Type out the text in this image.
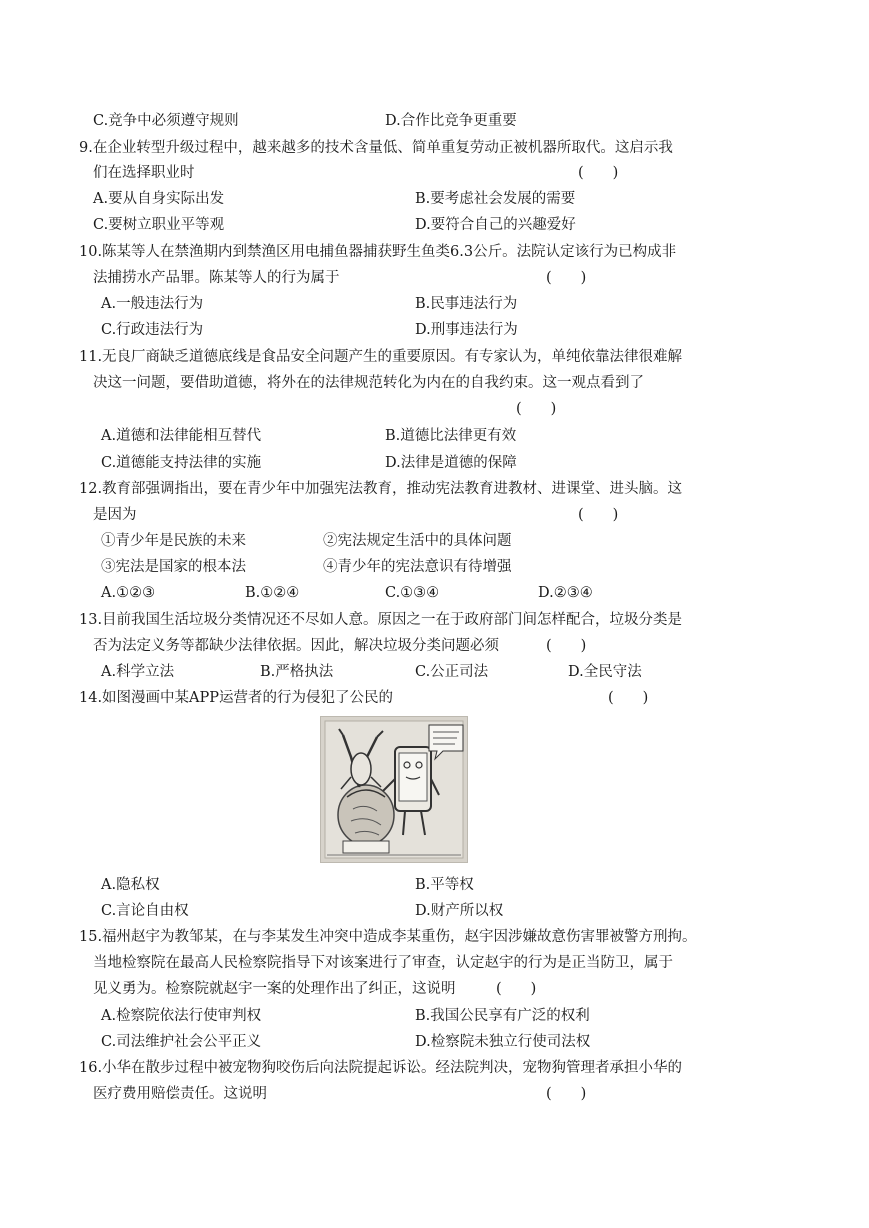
C.竞争中必须遵守规则	D.合作比竞争更重要
9.在企业转型升级过程中，越来越多的技术含量低、简单重复劳动正被机器所取代。这启示我
们在选择职业时	(　　)
A.要从自身实际出发	B.要考虑社会发展的需要
C.要树立职业平等观	D.要符合自己的兴趣爱好
10.陈某等人在禁渔期内到禁渔区用电捕鱼器捕获野生鱼类6.3公斤。法院认定该行为已构成非
法捕捞水产品罪。陈某等人的行为属于	(　　)
A.一般违法行为	B.民事违法行为
C.行政违法行为	D.刑事违法行为
11.无良厂商缺乏道德底线是食品安全问题产生的重要原因。有专家认为，单纯依靠法律很难解
决这一问题，要借助道德，将外在的法律规范转化为内在的自我约束。这一观点看到了
(　　)
A.道德和法律能相互替代	B.道德比法律更有效
C.道德能支持法律的实施	D.法律是道德的保障
12.教育部强调指出，要在青少年中加强宪法教育，推动宪法教育进教材、进课堂、进头脑。这
是因为	(　　)
①青少年是民族的未来	②宪法规定生活中的具体问题
③宪法是国家的根本法	④青少年的宪法意识有待增强
A.①②③	B.①②④	C.①③④	D.②③④
13.目前我国生活垃圾分类情况还不尽如人意。原因之一在于政府部门间怎样配合，垃圾分类是
否为法定义务等都缺少法律依据。因此，解决垃圾分类问题必须	(　　)
A.科学立法	B.严格执法	C.公正司法	D.全民守法
14.如图漫画中某APP运营者的行为侵犯了公民的	(　　)
A.隐私权	B.平等权
C.言论自由权	D.财产所以权
15.福州赵宇为教邹某，在与李某发生冲突中造成李某重伤，赵宇因涉嫌故意伤害罪被警方刑拘。
当地检察院在最高人民检察院指导下对该案进行了审查，认定赵宇的行为是正当防卫，属于
见义勇为。检察院就赵宇一案的处理作出了纠正，这说明	(　　)
A.检察院依法行使审判权	B.我国公民享有广泛的权利
C.司法维护社会公平正义	D.检察院未独立行使司法权
16.小华在散步过程中被宠物狗咬伤后向法院提起诉讼。经法院判决，宠物狗管理者承担小华的
医疗费用赔偿责任。这说明	(　　)
